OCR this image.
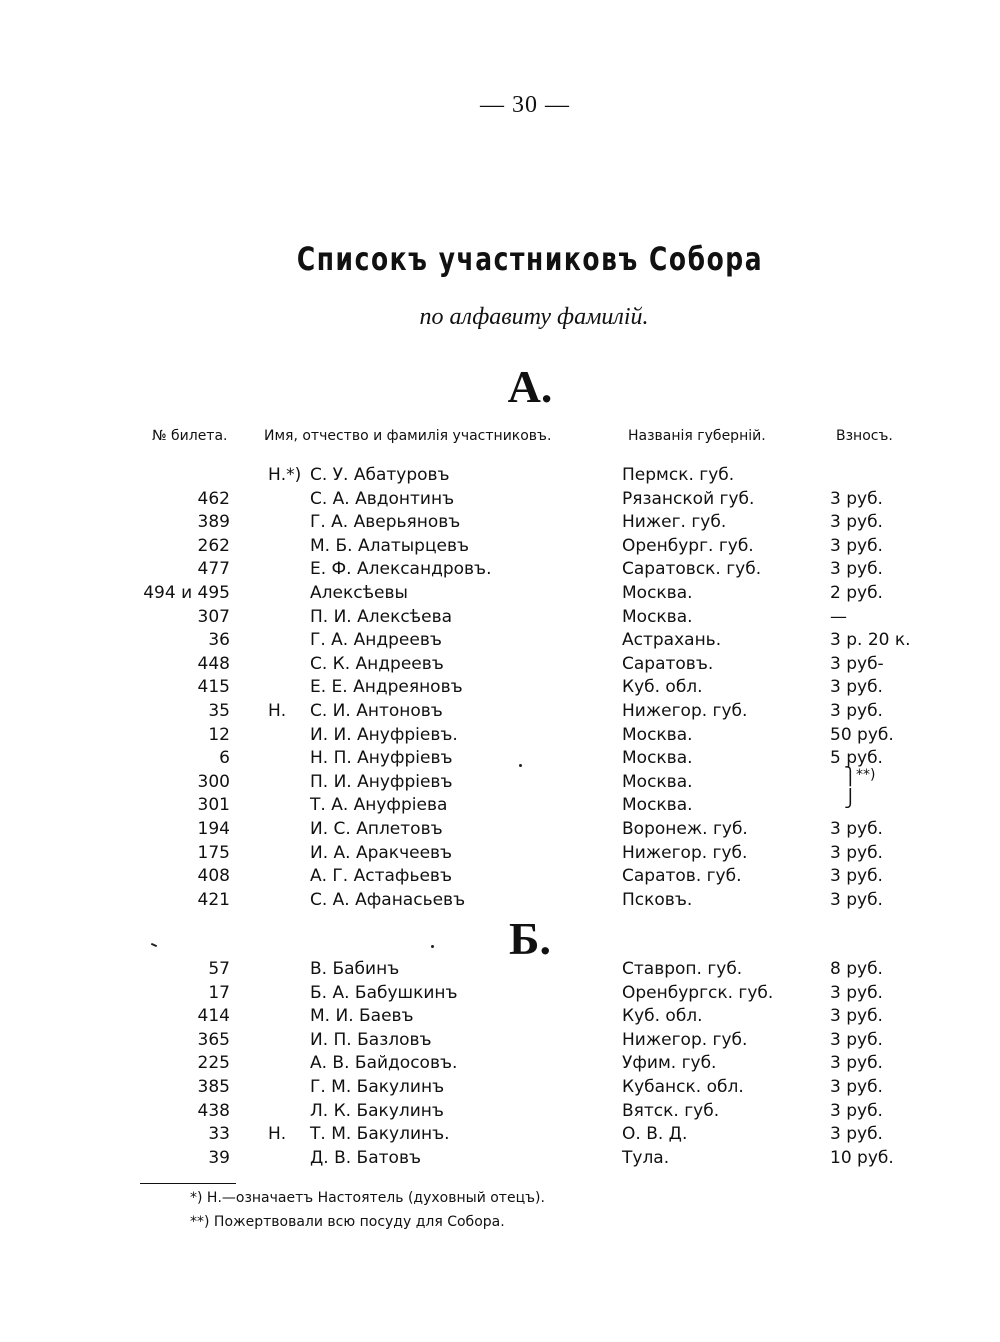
— 30 —
Списокъ участниковъ Собора
по алфавиту фамилій.
А.
№ билета.	Имя, отчество и фамилія участниковъ.	Названія губерній.	Взносъ.
Н.*) С. У. Абатуровъ	Пермск. губ.
462	С. А. Авдонтинъ	Рязанской губ.	3 руб.
389	Г. А. Аверьяновъ	Нижег. губ.	3 руб.
262	М. Б. Алатырцевъ	Оренбург. губ.	3 руб.
477	Е. Ф. Александровъ.	Саратовск. губ.	3 руб.
494 и 495	Алексѣевы	Москва.	2 руб.
307	П. И. Алексѣева	Москва.	—
36	Г. А. Андреевъ	Астрахань.	3 р. 20 к.
448	С. К. Андреевъ	Саратовъ.	3 руб-
415	Е. Е. Андреяновъ	Куб. обл.	3 руб.
35 Н. С. И. Антоновъ	Нижегор. губ.	3 руб.
12	И. И. Ануфріевъ.	Москва.	50 руб.
6	Н. П. Ануфріевъ	Москва.	5 руб.
300	П. И. Ануфріевъ	Москва.
301	Т. А. Ануфріева	Москва.
194	И. С. Аплетовъ	Воронеж. губ.	3 руб.
175	И. А. Аракчеевъ	Нижегор. губ.	3 руб.
408	А. Г. Астафьевъ	Саратов. губ.	3 руб.
421	С. А. Афанасьевъ	Псковъ.	3 руб.
Б.
57	В. Бабинъ	Ставроп. губ.	8 руб.
17	Б. А. Бабушкинъ	Оренбургск. губ.	3 руб.
414	М. И. Баевъ	Куб. обл.	3 руб.
365	И. П. Базловъ	Нижегор. губ.	3 руб.
225	А. В. Байдосовъ.	Уфим. губ.	3 руб.
385	Г. М. Бакулинъ	Кубанск. обл.	3 руб.
438	Л. К. Бакулинъ	Вятск. губ.	3 руб.
33 Н. Т. М. Бакулинъ.	О. В. Д.	3 руб.
39	Д. В. Батовъ	Тула.	10 руб.
⎫
⎭
**)
*) Н.—означаетъ Настоятель (духовный отецъ).
**) Пожертвовали всю посуду для Собора.
